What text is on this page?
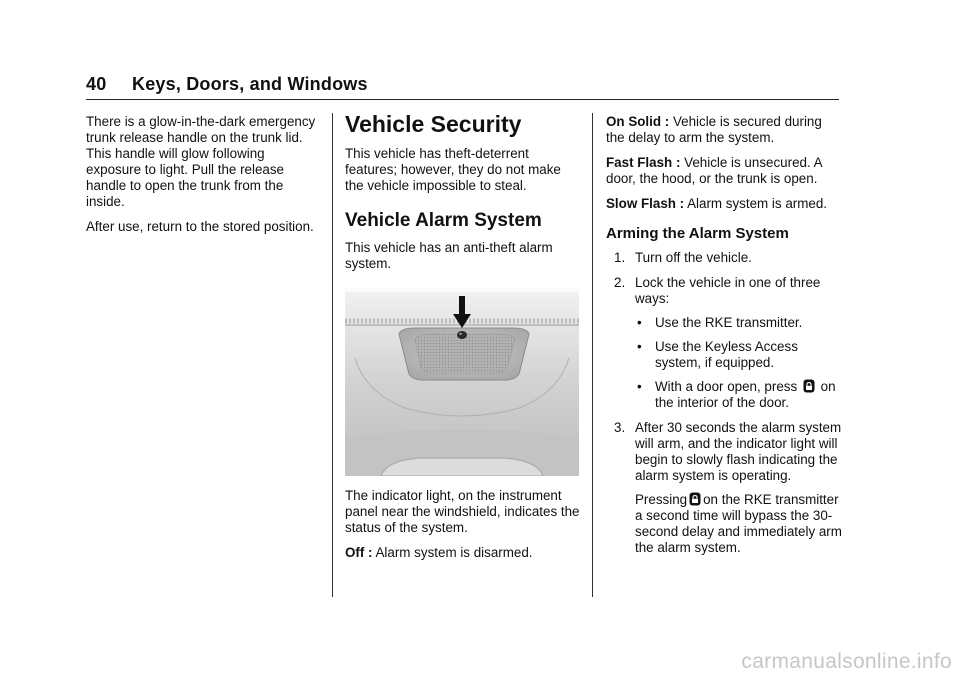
40 Keys, Doors, and Windows

There is a glow-in-the-dark emergency trunk release handle on the trunk lid. This handle will glow following exposure to light. Pull the release handle to open the trunk from the inside.

After use, return to the stored position.

Vehicle Security

This vehicle has theft-deterrent features; however, they do not make the vehicle impossible to steal.

Vehicle Alarm System

This vehicle has an anti-theft alarm system.

The indicator light, on the instrument panel near the windshield, indicates the status of the system.

Off : Alarm system is disarmed.

On Solid : Vehicle is secured during the delay to arm the system.

Fast Flash : Vehicle is unsecured. A door, the hood, or the trunk is open.

Slow Flash : Alarm system is armed.

Arming the Alarm System
1. Turn off the vehicle.
2. Lock the vehicle in one of three ways:
• Use the RKE transmitter.
• Use the Keyless Access system, if equipped.
• With a door open, press on the interior of the door.
3. After 30 seconds the alarm system will arm, and the indicator light will begin to slowly flash indicating the alarm system is operating.
Pressing on the RKE transmitter a second time will bypass the 30-second delay and immediately arm the alarm system.
carmanualsonline.info
